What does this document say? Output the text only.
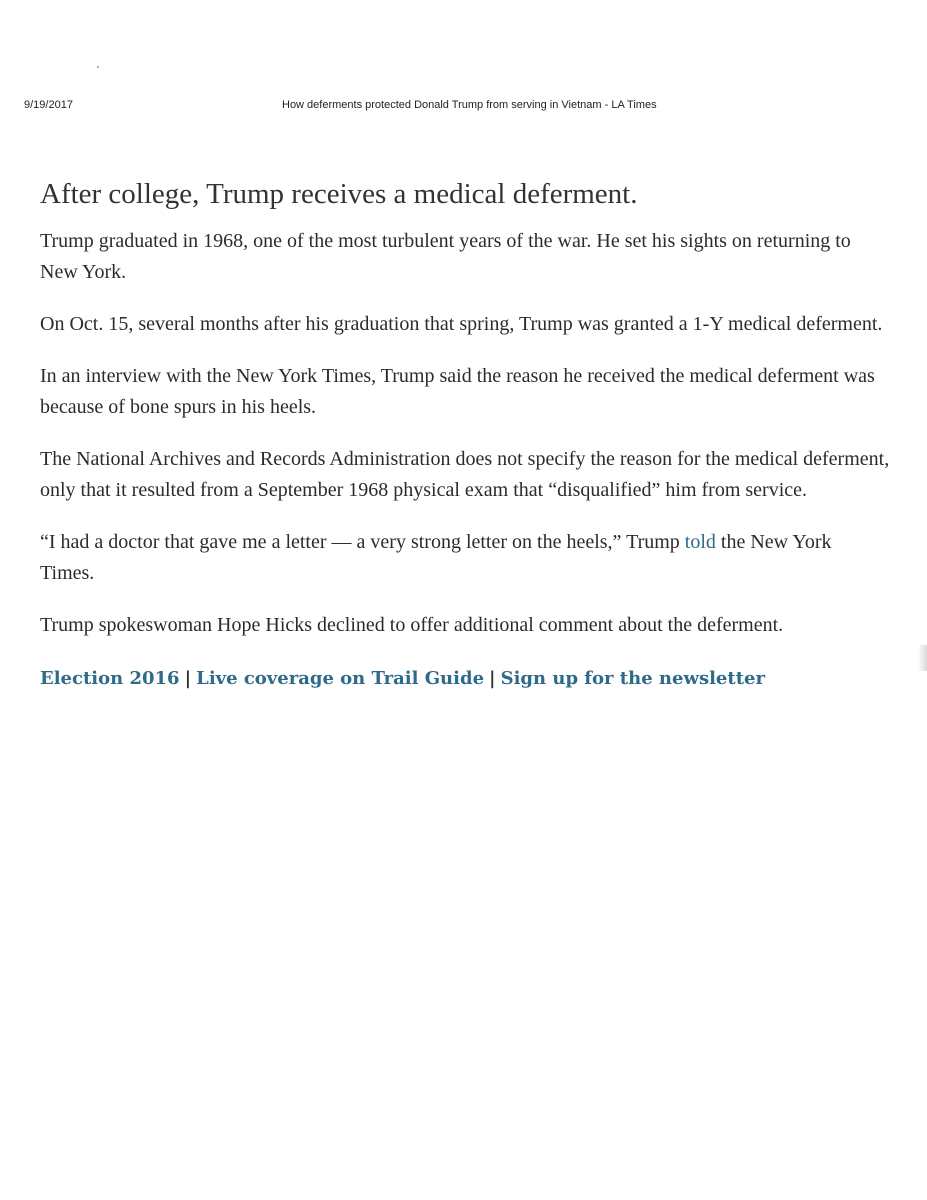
9/19/2017	How deferments protected Donald Trump from serving in Vietnam - LA Times
After college, Trump receives a medical deferment.

Trump graduated in 1968, one of the most turbulent years of the war. He set his sights on returning to New York.

On Oct. 15, several months after his graduation that spring, Trump was granted a 1-Y medical deferment.

In an interview with the New York Times, Trump said the reason he received the medical deferment was because of bone spurs in his heels.

The National Archives and Records Administration does not specify the reason for the medical deferment, only that it resulted from a September 1968 physical exam that “disqualified” him from service.

“I had a doctor that gave me a letter — a very strong letter on the heels,” Trump told the New York Times.

Trump spokeswoman Hope Hicks declined to offer additional comment about the deferment.

Election 2016 | Live coverage on Trail Guide | Sign up for the newsletter
